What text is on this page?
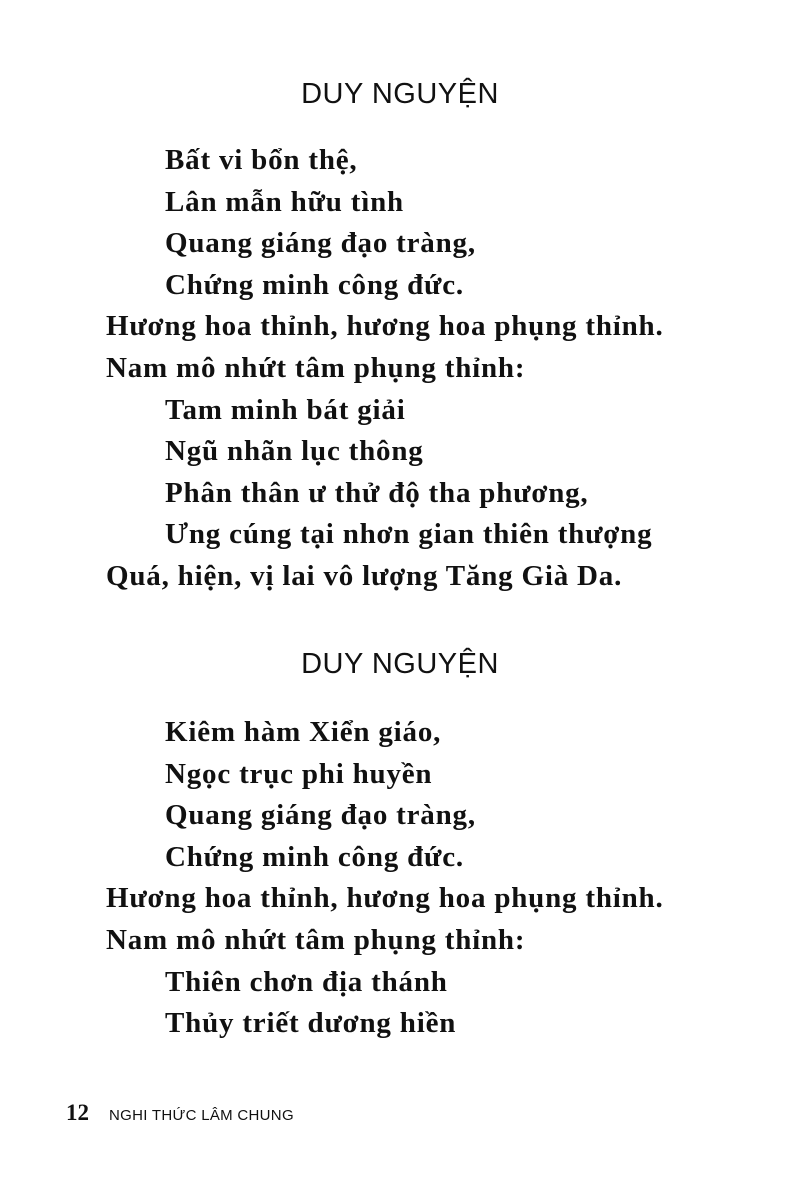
DUY NGUYỆN
Bất vi bổn thệ,
Lân mẫn hữu tình
Quang giáng đạo tràng,
Chứng minh công đức.
Hương hoa thỉnh, hương hoa phụng thỉnh.
Nam mô nhứt tâm phụng thỉnh:
Tam minh bát giải
Ngũ nhãn lục thông
Phân thân ư thử độ tha phương,
Ưng cúng tại nhơn gian thiên thượng
Quá, hiện, vị lai vô lượng Tăng Già Da.
DUY NGUYỆN
Kiêm hàm Xiển giáo,
Ngọc trục phi huyền
Quang giáng đạo tràng,
Chứng minh công đức.
Hương hoa thỉnh, hương hoa phụng thỉnh.
Nam mô nhứt tâm phụng thỉnh:
Thiên chơn địa thánh
Thủy triết dương hiền
12 NGHI THỨC LÂM CHUNG
